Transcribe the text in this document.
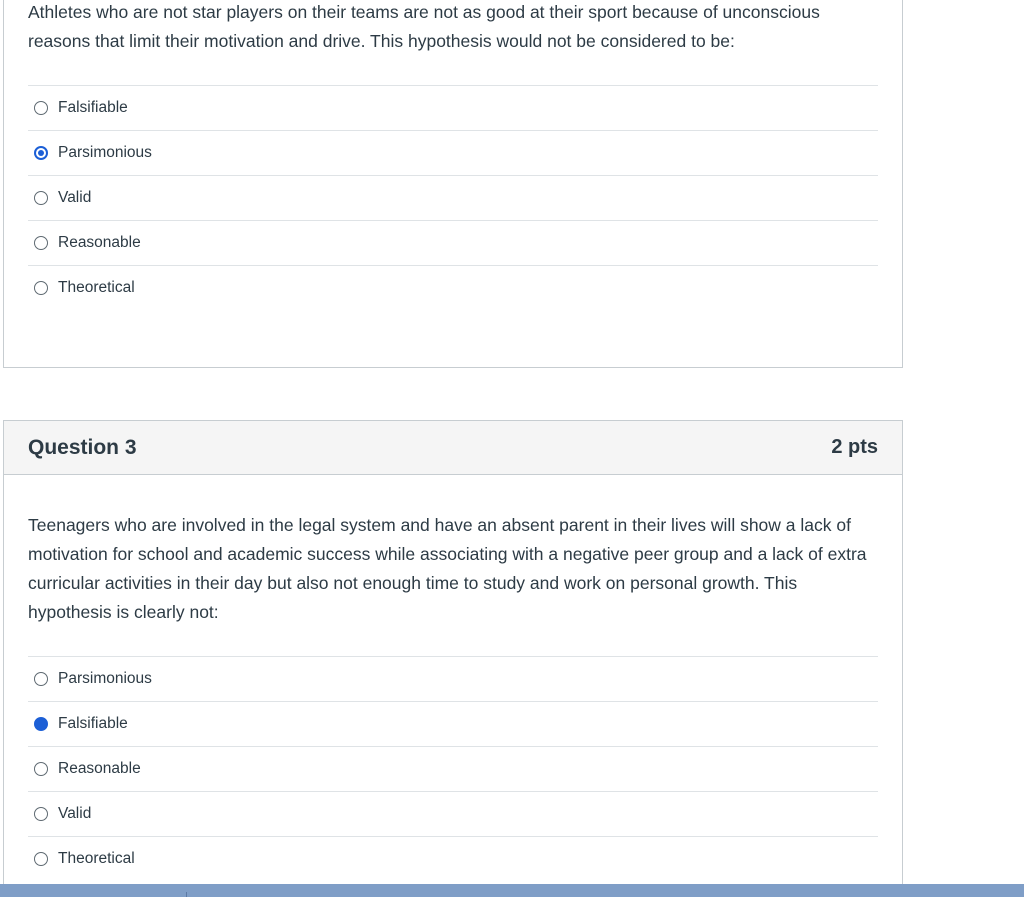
Athletes who are not star players on their teams are not as good at their sport because of unconscious reasons that limit their motivation and drive. This hypothesis would not be considered to be:
Falsifiable
Parsimonious
Valid
Reasonable
Theoretical
Question 3	2 pts
Teenagers who are involved in the legal system and have an absent parent in their lives will show a lack of motivation for school and academic success while associating with a negative peer group and a lack of extra curricular activities in their day but also not enough time to study and work on personal growth. This hypothesis is clearly not:
Parsimonious
Falsifiable
Reasonable
Valid
Theoretical
